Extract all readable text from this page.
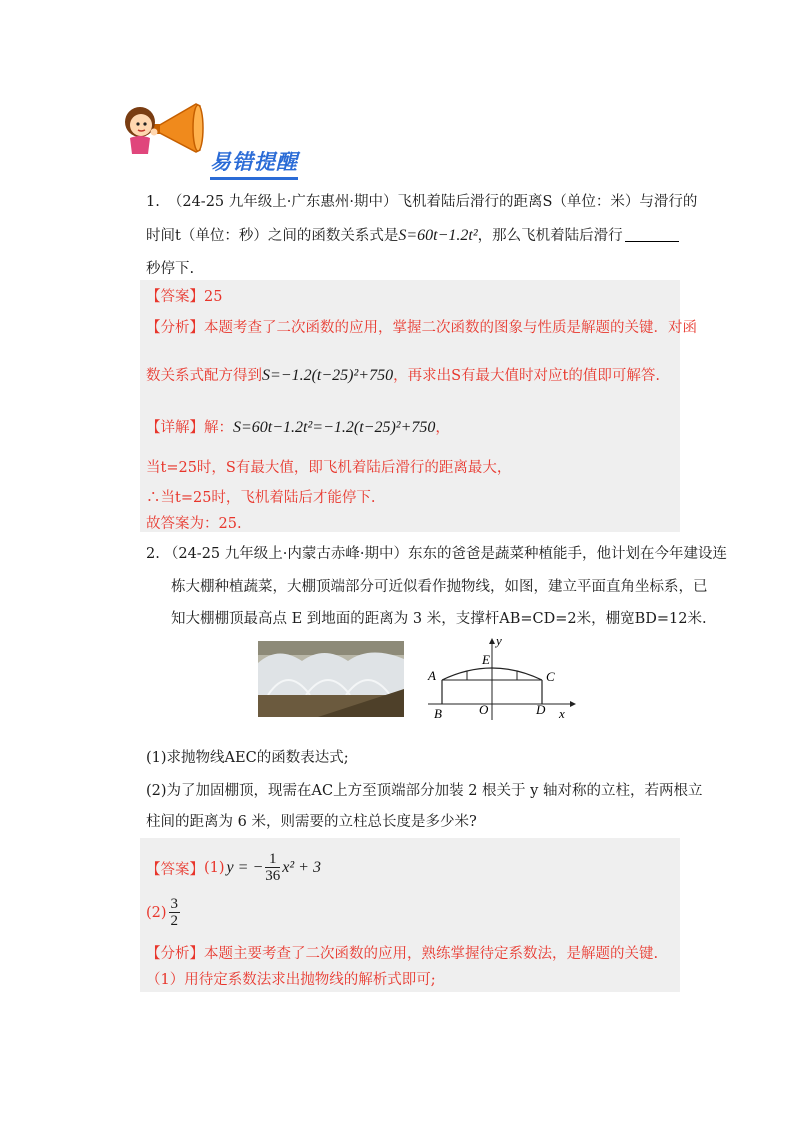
易错提醒
1. （24-25 九年级上·广东惠州·期中）飞机着陆后滑行的距离S（单位：米）与滑行的
时间t（单位：秒）之间的函数关系式是S=60t−1.2t²，那么飞机着陆后滑行
秒停下.
【答案】25
【分析】本题考查了二次函数的应用，掌握二次函数的图象与性质是解题的关键．对函
数关系式配方得到S=−1.2(t−25)²+750，再求出S有最大值时对应t的值即可解答.
【详解】解：S=60t−1.2t²=−1.2(t−25)²+750，
当t=25时，S有最大值，即飞机着陆后滑行的距离最大，
∴当t=25时，飞机着陆后才能停下.
故答案为：25.
2. （24-25 九年级上·内蒙古赤峰·期中）东东的爸爸是蔬菜种植能手，他计划在今年建设连
栋大棚种植蔬菜，大棚顶端部分可近似看作抛物线，如图，建立平面直角坐标系，已
知大棚棚顶最高点 E 到地面的距离为 3 米，支撑杆AB=CD=2米，棚宽BD=12米.
y
E
A	C
B	O	D x
(1)求抛物线AEC的函数表达式;
(2)为了加固棚顶，现需在AC上方至顶端部分加装 2 根关于 y 轴对称的立柱，若两根立
柱间的距离为 6 米，则需要的立柱总长度是多少米?
【答案】 (1) y = − $\frac{1}{36} x^2 + 3$
$(2) \frac{3}{2}$
【分析】本题主要考查了二次函数的应用，熟练掌握待定系数法，是解题的关键.
（1）用待定系数法求出抛物线的解析式即可;
